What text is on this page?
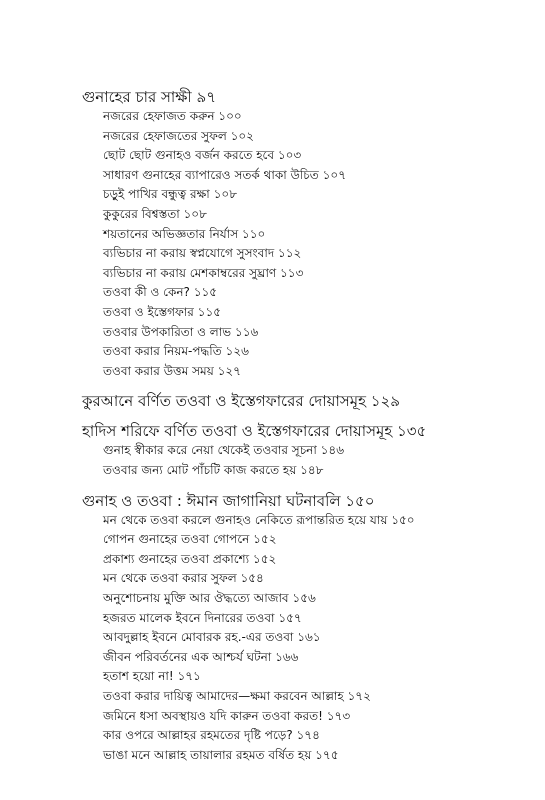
গুনাহের চার সাক্ষী ৯৭
নজরের হেফাজত করুন ১০০
নজরের হেফাজতের সুফল ১০২
ছোট ছোট গুনাহও বর্জন করতে হবে ১০৩
সাধারণ গুনাহের ব্যাপারেও সতর্ক থাকা উচিত ১০৭
চড়ুই পাখির বন্ধুত্ব রক্ষা ১০৮
কুকুরের বিশ্বস্ততা ১০৮
শয়তানের অভিজ্ঞতার নির্যাস ১১০
ব্যভিচার না করায় স্বপ্নযোগে সুসংবাদ ১১২
ব্যভিচার না করায় মেশকাম্বরের সুঘ্রাণ ১১৩
তওবা কী ও কেন? ১১৫
তওবা ও ইস্তেগফার ১১৫
তওবার উপকারিতা ও লাভ ১১৬
তওবা করার নিয়ম-পদ্ধতি ১২৬
তওবা করার উত্তম সময় ১২৭
কুরআনে বর্ণিত তওবা ও ইস্তেগফারের দোয়াসমূহ ১২৯
হাদিস শরিফে বর্ণিত তওবা ও ইস্তেগফারের দোয়াসমূহ ১৩৫
গুনাহ স্বীকার করে নেয়া থেকেই তওবার সূচনা ১৪৬
তওবার জন্য মোট পাঁচটি কাজ করতে হয় ১৪৮
গুনাহ ও তওবা : ঈমান জাগানিয়া ঘটনাবলি ১৫০
মন থেকে তওবা করলে গুনাহও নেকিতে রূপান্তরিত হয়ে যায় ১৫০
গোপন গুনাহের তওবা গোপনে ১৫২
প্রকাশ্য গুনাহের তওবা প্রকাশ্যে ১৫২
মন থেকে তওবা করার সুফল ১৫৪
অনুশোচনায় মুক্তি আর ঔদ্ধত্যে আজাব ১৫৬
হজরত মালেক ইবনে দিনারের তওবা ১৫৭
আবদুল্লাহ ইবনে মোবারক রহ.-এর তওবা ১৬১
জীবন পরিবর্তনের এক আশ্চর্য ঘটনা ১৬৬
হতাশ হয়ো না! ১৭১
তওবা করার দায়িত্ব আমাদের—ক্ষমা করবেন আল্লাহ ১৭২
জমিনে ধসা অবস্থায়ও যদি কারুন তওবা করত! ১৭৩
কার ওপরে আল্লাহর রহমতের দৃষ্টি পড়ে? ১৭৪
ভাঙা মনে আল্লাহ তায়ালার রহমত বর্ষিত হয় ১৭৫
